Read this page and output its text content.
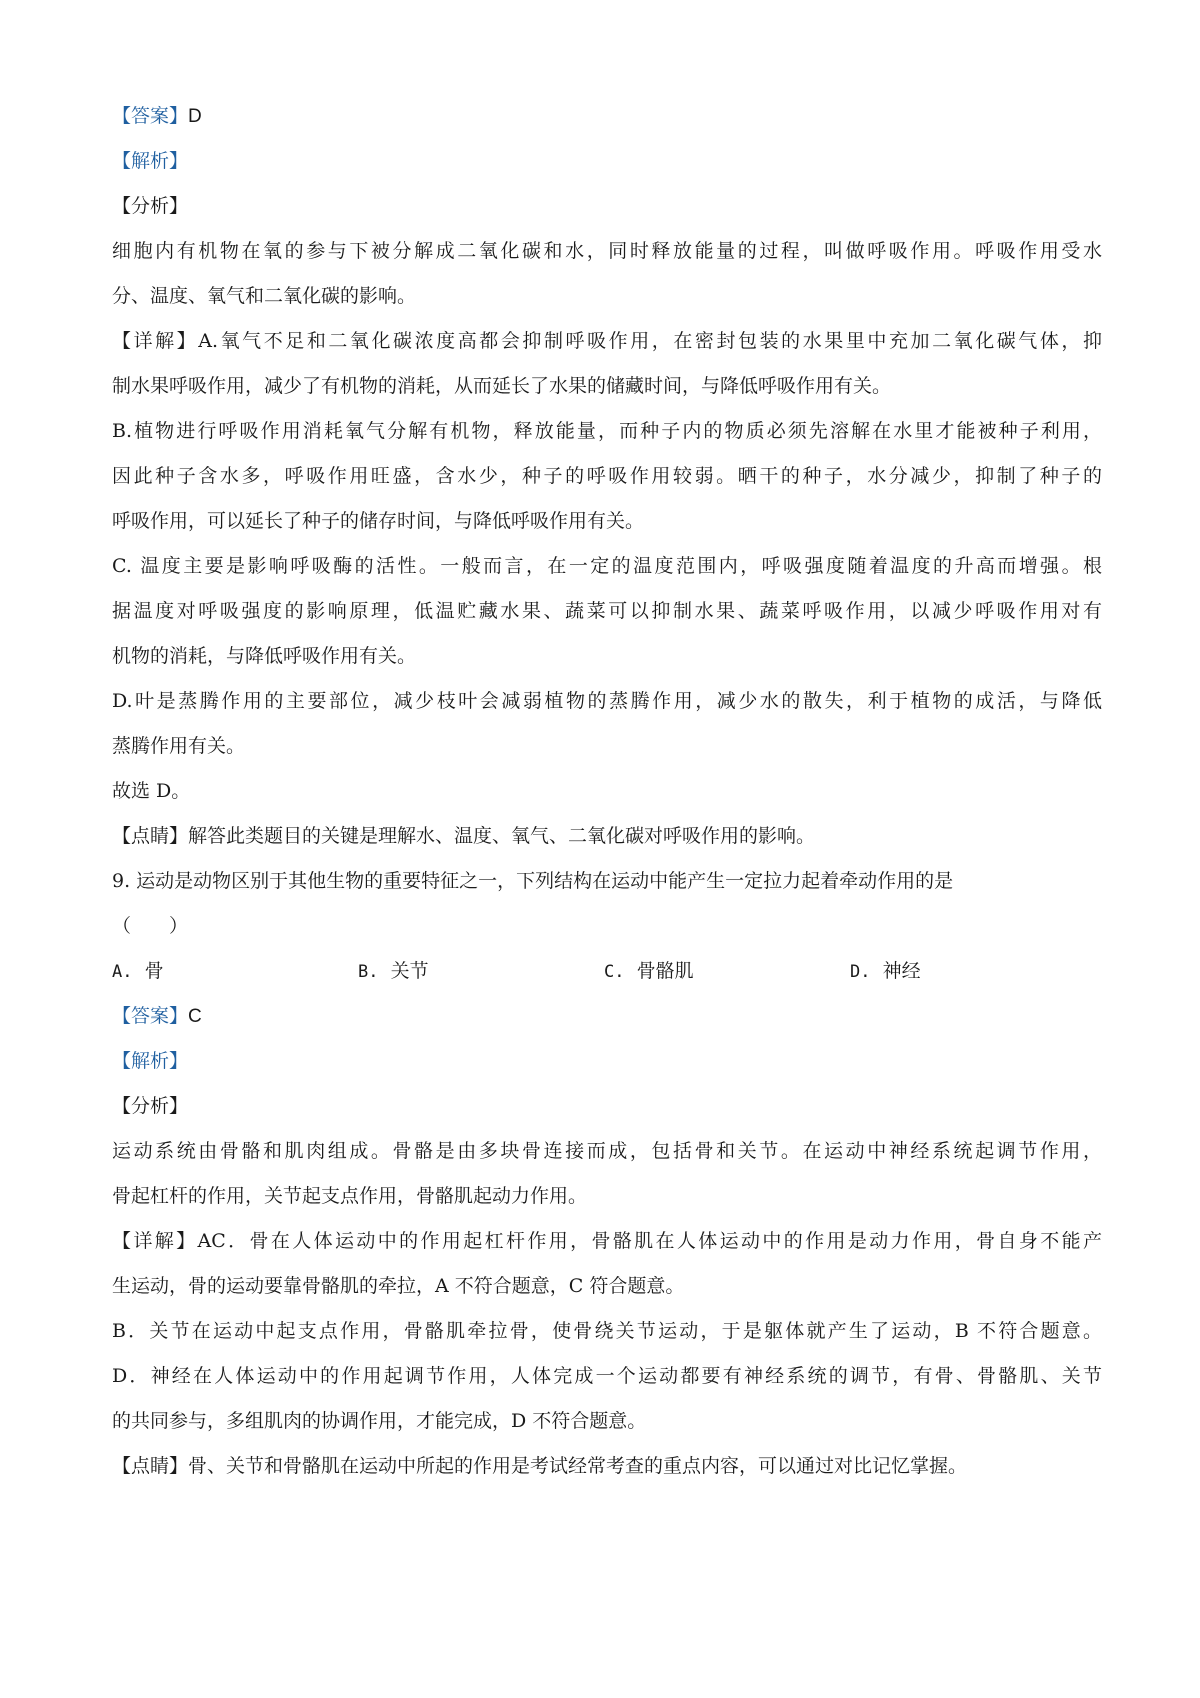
【答案】D
【解析】
【分析】
细胞内有机物在氧的参与下被分解成二氧化碳和水，同时释放能量的过程，叫做呼吸作用。呼吸作用受水
分、温度、氧气和二氧化碳的影响。
【详解】A.氧气不足和二氧化碳浓度高都会抑制呼吸作用，在密封包装的水果里中充加二氧化碳气体，抑
制水果呼吸作用，减少了有机物的消耗，从而延长了水果的储藏时间，与降低呼吸作用有关。
B.植物进行呼吸作用消耗氧气分解有机物，释放能量，而种子内的物质必须先溶解在水里才能被种子利用，
因此种子含水多，呼吸作用旺盛，含水少，种子的呼吸作用较弱。晒干的种子，水分减少，抑制了种子的
呼吸作用，可以延长了种子的储存时间，与降低呼吸作用有关。
C. 温度主要是影响呼吸酶的活性。一般而言，在一定的温度范围内，呼吸强度随着温度的升高而增强。根
据温度对呼吸强度的影响原理，低温贮藏水果、蔬菜可以抑制水果、蔬菜呼吸作用，以减少呼吸作用对有
机物的消耗，与降低呼吸作用有关。
D.叶是蒸腾作用的主要部位，减少枝叶会减弱植物的蒸腾作用，减少水的散失，利于植物的成活，与降低
蒸腾作用有关。
故选 D。
【点睛】解答此类题目的关键是理解水、温度、氧气、二氧化碳对呼吸作用的影响。
9. 运动是动物区别于其他生物的重要特征之一，下列结构在运动中能产生一定拉力起着牵动作用的是
（　　）
A. 骨	B. 关节	C. 骨骼肌	D. 神经
【答案】C
【解析】
【分析】
运动系统由骨骼和肌肉组成。骨骼是由多块骨连接而成，包括骨和关节。在运动中神经系统起调节作用，
骨起杠杆的作用，关节起支点作用，骨骼肌起动力作用。
【详解】AC．骨在人体运动中的作用起杠杆作用，骨骼肌在人体运动中的作用是动力作用，骨自身不能产
生运动，骨的运动要靠骨骼肌的牵拉，A 不符合题意，C 符合题意。
B．关节在运动中起支点作用，骨骼肌牵拉骨，使骨绕关节运动，于是躯体就产生了运动，B 不符合题意。
D．神经在人体运动中的作用起调节作用，人体完成一个运动都要有神经系统的调节，有骨、骨骼肌、关节
的共同参与，多组肌肉的协调作用，才能完成，D 不符合题意。
【点睛】骨、关节和骨骼肌在运动中所起的作用是考试经常考查的重点内容，可以通过对比记忆掌握。
